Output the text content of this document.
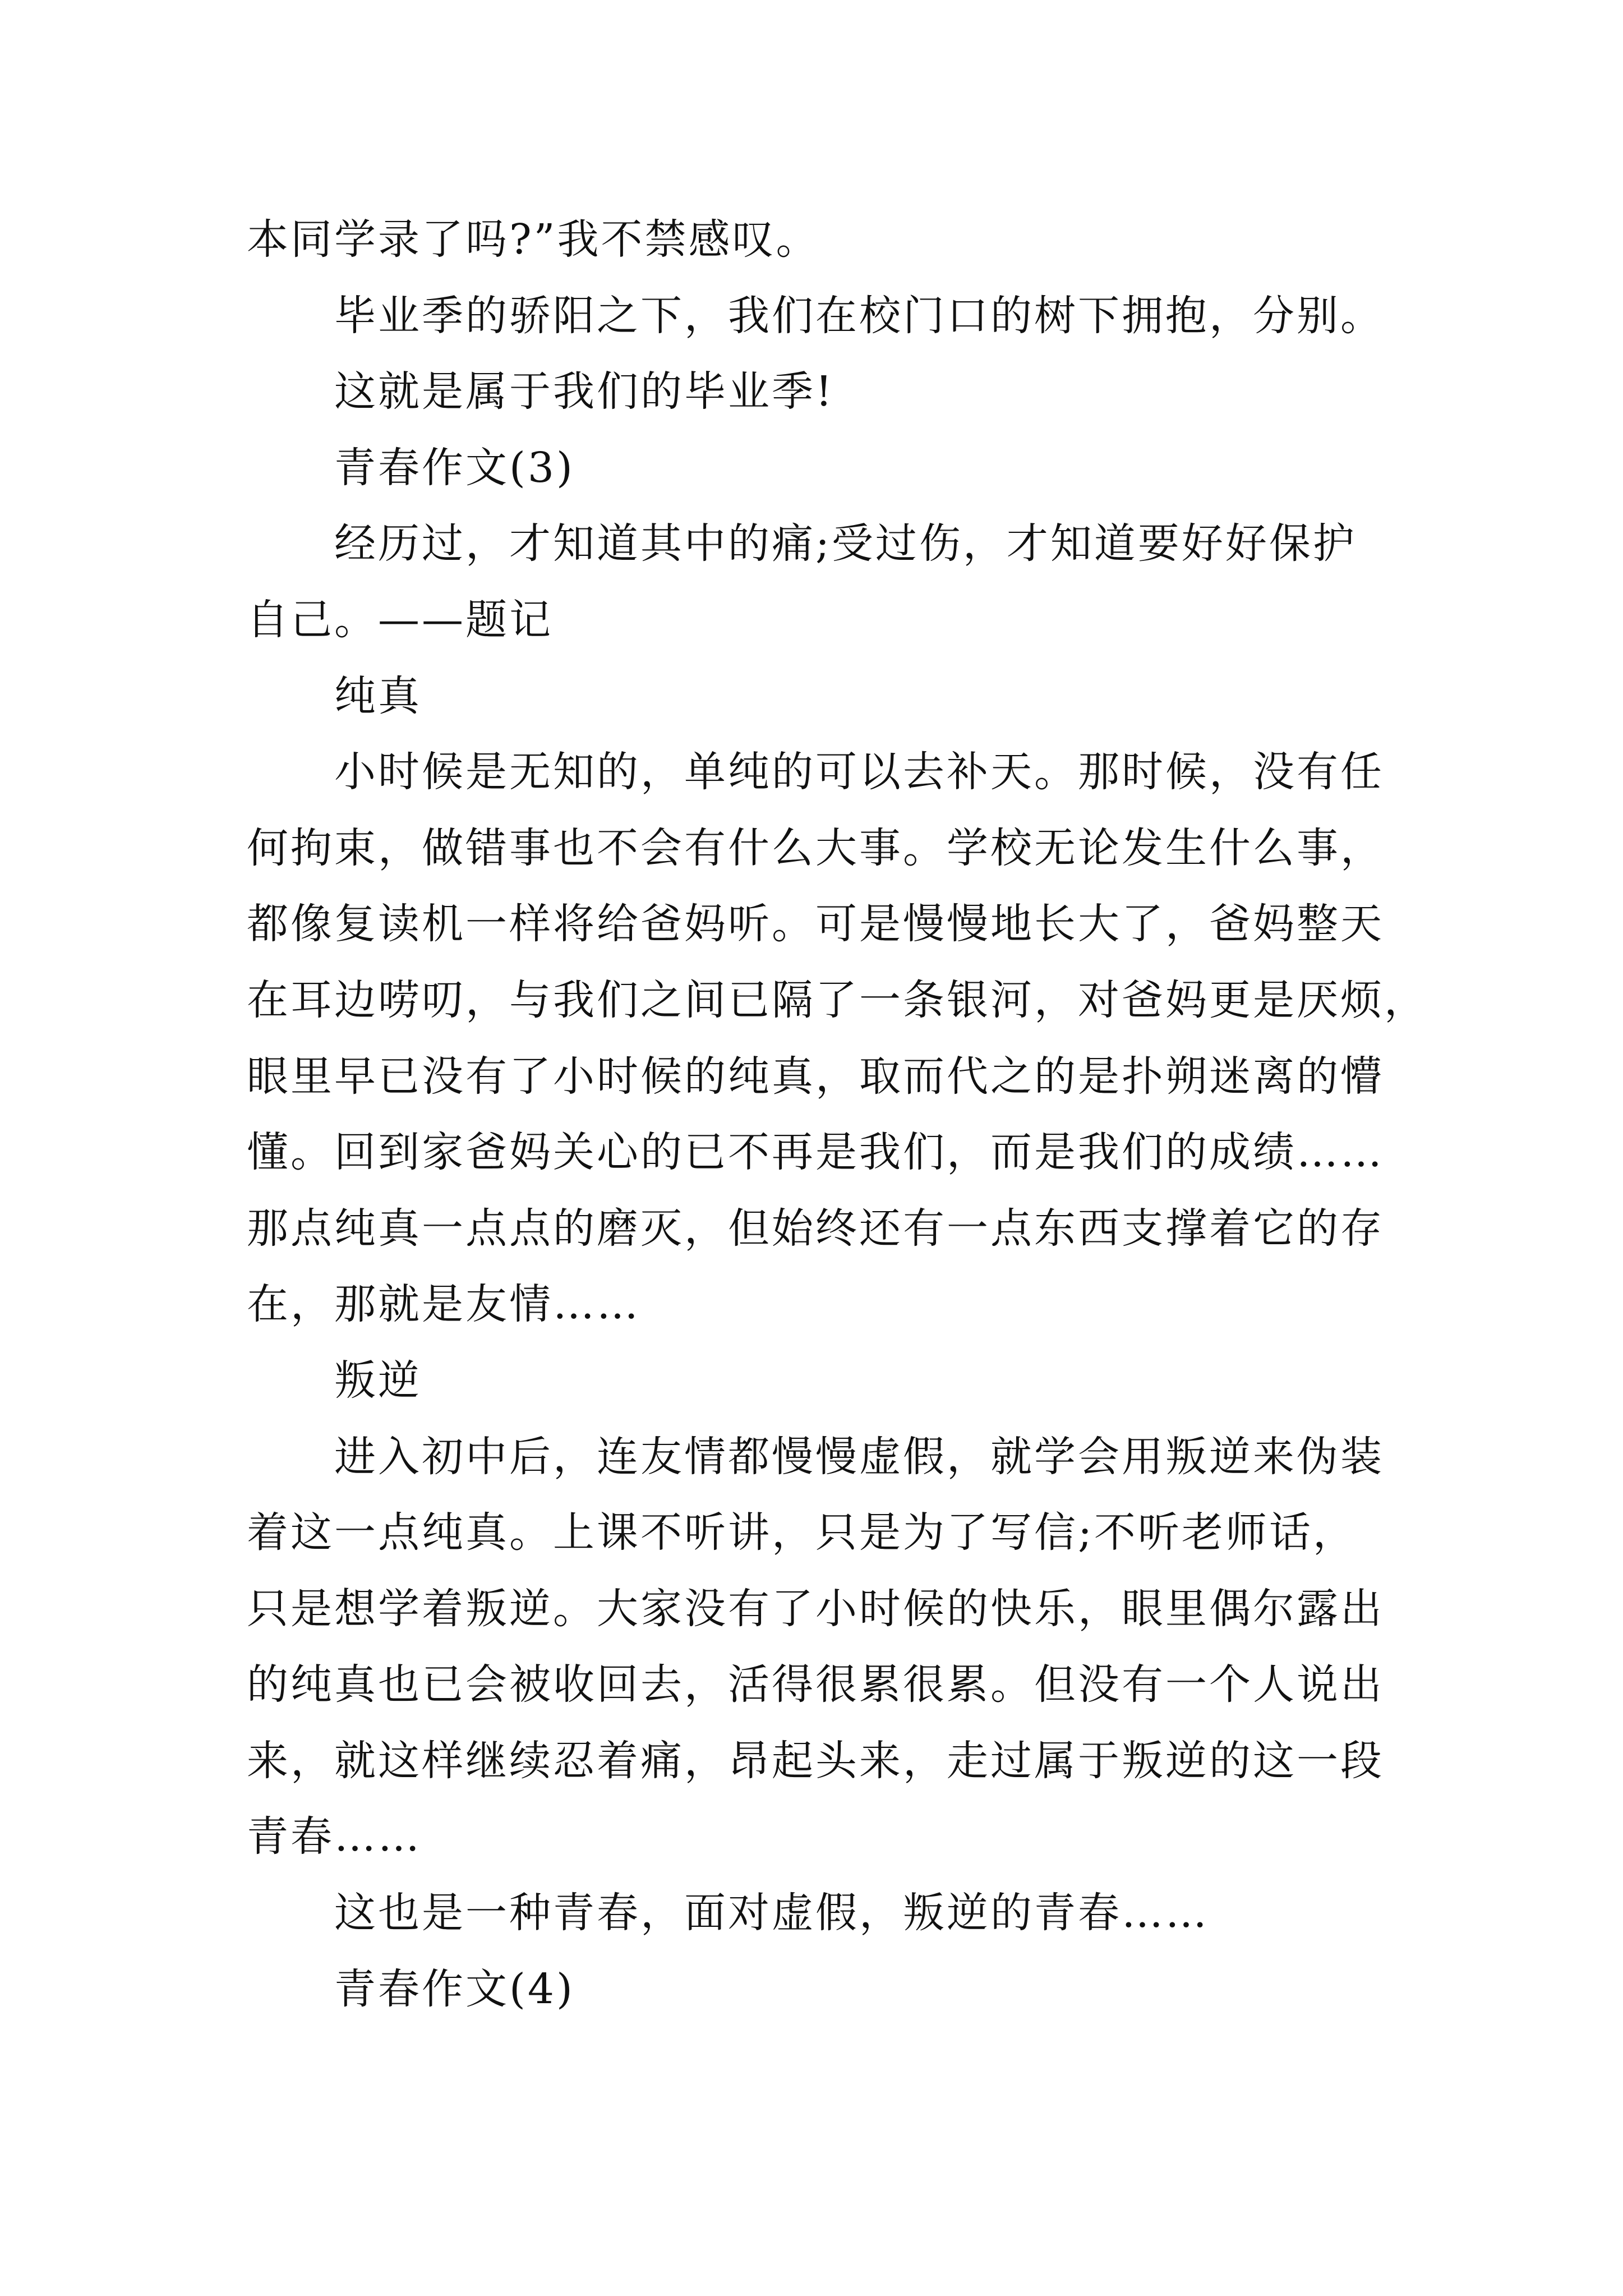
本同学录了吗?”我不禁感叹。

毕业季的骄阳之下，我们在校门口的树下拥抱，分别。

这就是属于我们的毕业季!

青春作文(3)

经历过，才知道其中的痛;受过伤，才知道要好好保护
自己。——题记

纯真

小时候是无知的，单纯的可以去补天。那时候，没有任
何拘束，做错事也不会有什么大事。学校无论发生什么事，
都像复读机一样将给爸妈听。可是慢慢地长大了，爸妈整天
在耳边唠叨，与我们之间已隔了一条银河，对爸妈更是厌烦，
眼里早已没有了小时候的纯真，取而代之的是扑朔迷离的懵
懂。回到家爸妈关心的已不再是我们，而是我们的成绩……
那点纯真一点点的磨灭，但始终还有一点东西支撑着它的存
在，那就是友情……

叛逆

进入初中后，连友情都慢慢虚假，就学会用叛逆来伪装
着这一点纯真。上课不听讲，只是为了写信;不听老师话，
只是想学着叛逆。大家没有了小时候的快乐，眼里偶尔露出
的纯真也已会被收回去，活得很累很累。但没有一个人说出
来，就这样继续忍着痛，昂起头来，走过属于叛逆的这一段
青春……

这也是一种青春，面对虚假，叛逆的青春……

青春作文(4)
